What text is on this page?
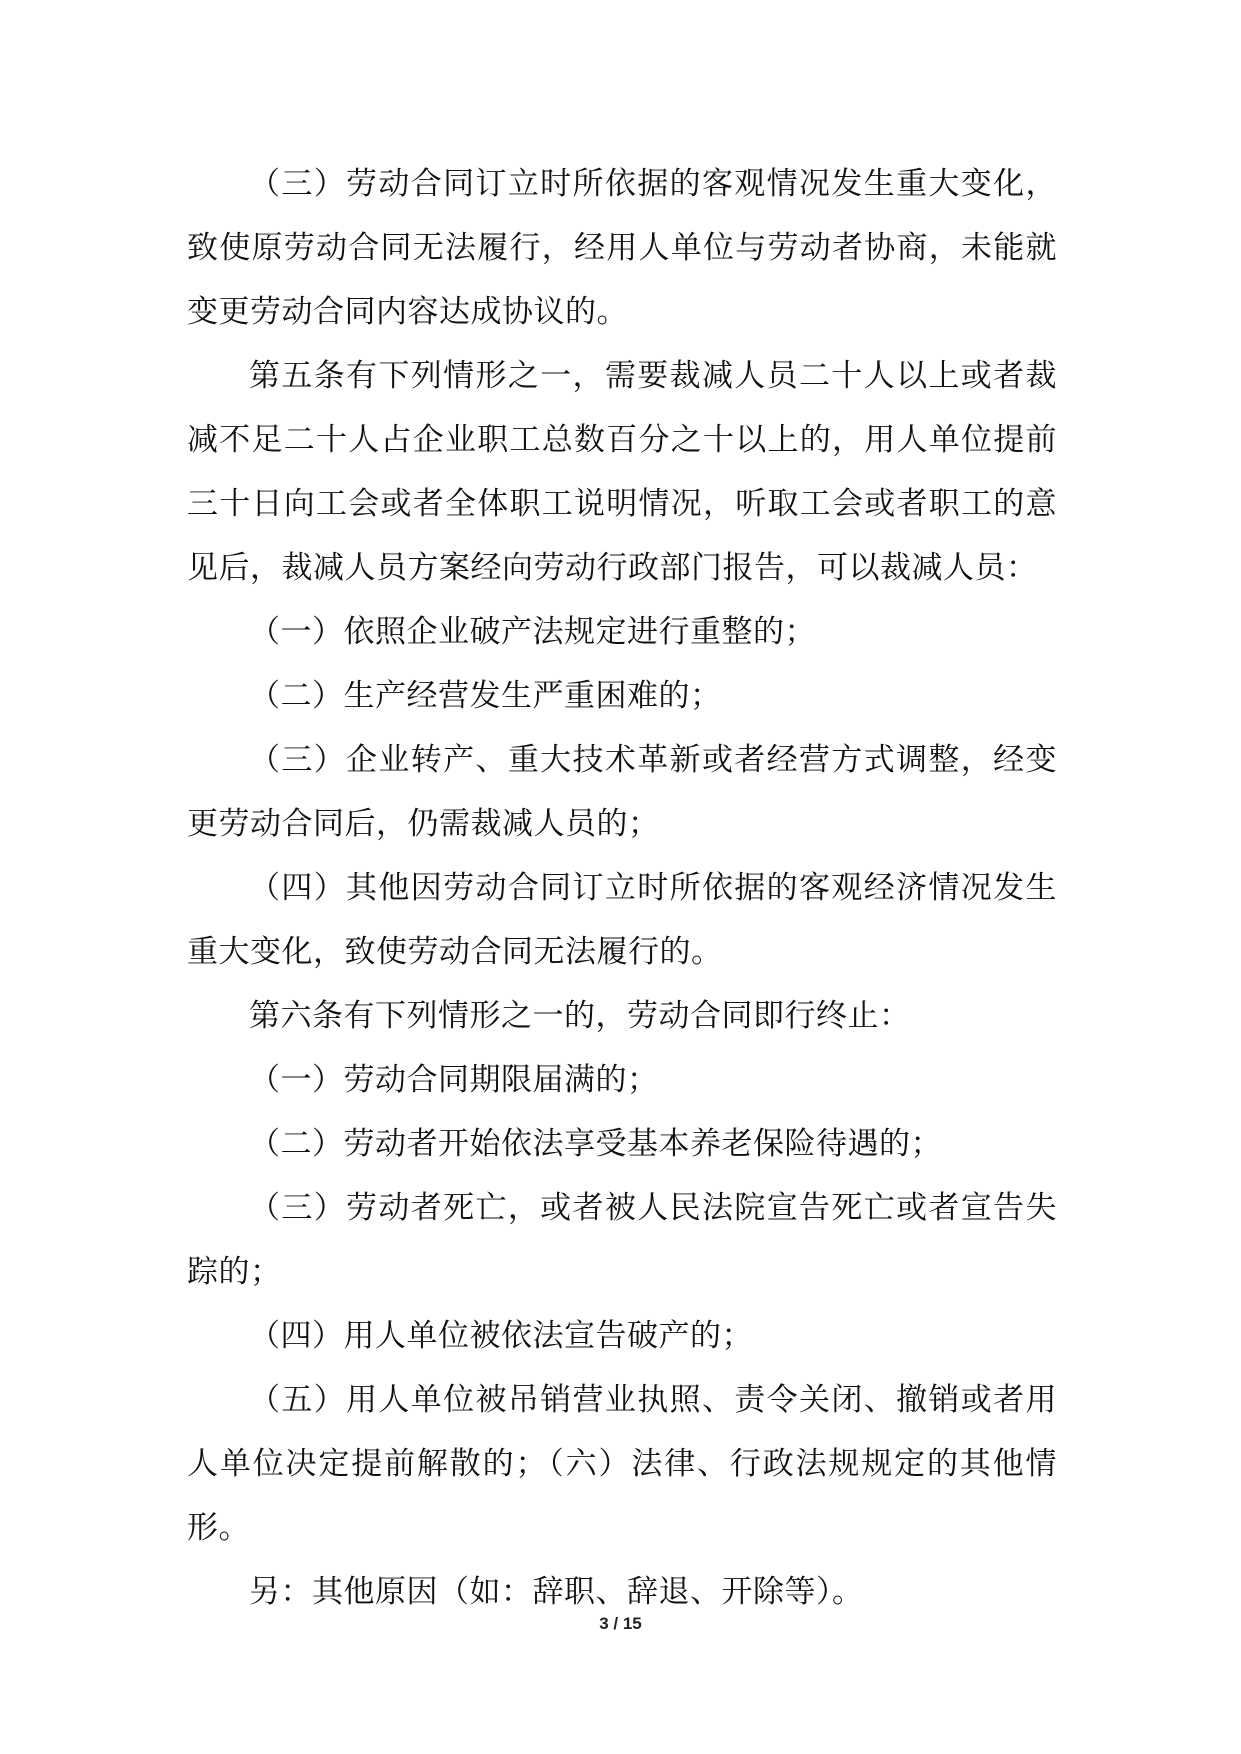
（三）劳动合同订立时所依据的客观情况发生重大变化，致使原劳动合同无法履行，经用人单位与劳动者协商，未能就变更劳动合同内容达成协议的。

第五条有下列情形之一，需要裁减人员二十人以上或者裁减不足二十人占企业职工总数百分之十以上的，用人单位提前三十日向工会或者全体职工说明情况，听取工会或者职工的意见后，裁减人员方案经向劳动行政部门报告，可以裁减人员：

（一）依照企业破产法规定进行重整的；

（二）生产经营发生严重困难的；

（三）企业转产、重大技术革新或者经营方式调整，经变更劳动合同后，仍需裁减人员的；

（四）其他因劳动合同订立时所依据的客观经济情况发生重大变化，致使劳动合同无法履行的。

第六条有下列情形之一的，劳动合同即行终止：

（一）劳动合同期限届满的；

（二）劳动者开始依法享受基本养老保险待遇的；

（三）劳动者死亡，或者被人民法院宣告死亡或者宣告失踪的；

（四）用人单位被依法宣告破产的；

（五）用人单位被吊销营业执照、责令关闭、撤销或者用人单位决定提前解散的；（六）法律、行政法规规定的其他情形。

另：其他原因（如：辞职、辞退、开除等）。

3 / 15
